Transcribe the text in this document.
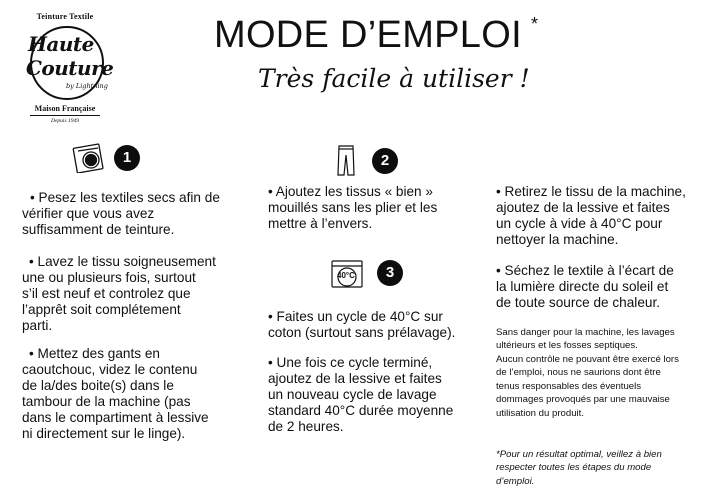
Teinture Textile
Haute
Couture
by Lightning
Maison Française
Depuis 1949
MODE D’EMPLOI *
Très facile à utiliser !
1	2
40°C	3
• Pesez les textiles secs afin de
vérifier que vous avez
suffisamment de teinture.
• Lavez le tissu soigneusement
une ou plusieurs fois, surtout
s’il est neuf et controlez que
l’apprêt soit complétement
parti.
• Mettez des gants en
caoutchouc, videz le contenu
de la/des boite(s) dans le
tambour de la machine (pas
dans le compartiment à lessive
ni directement sur le linge).
• Ajoutez les tissus « bien »
mouillés sans les plier et les
mettre à l’envers.
• Faites un cycle de 40°C sur
coton (surtout sans prélavage).
• Une fois ce cycle terminé,
ajoutez de la lessive et faites
un nouveau cycle de lavage
standard 40°C durée moyenne
de 2 heures.
• Retirez le tissu de la machine,
ajoutez de la lessive et faites
un cycle à vide à 40°C pour
nettoyer la machine.
• Séchez le textile à l’écart de
la lumière directe du soleil et
de toute source de chaleur.
Sans danger pour la machine, les lavages
ultérieurs et les fosses septiques.
Aucun contrôle ne pouvant être exercé lors
de l’emploi, nous ne saurions dont être
tenus responsables des éventuels
dommages provoqués par une mauvaise
utilisation du produit.
*Pour un résultat optimal, veillez à bien
respecter toutes les étapes du mode
d’emploi.
